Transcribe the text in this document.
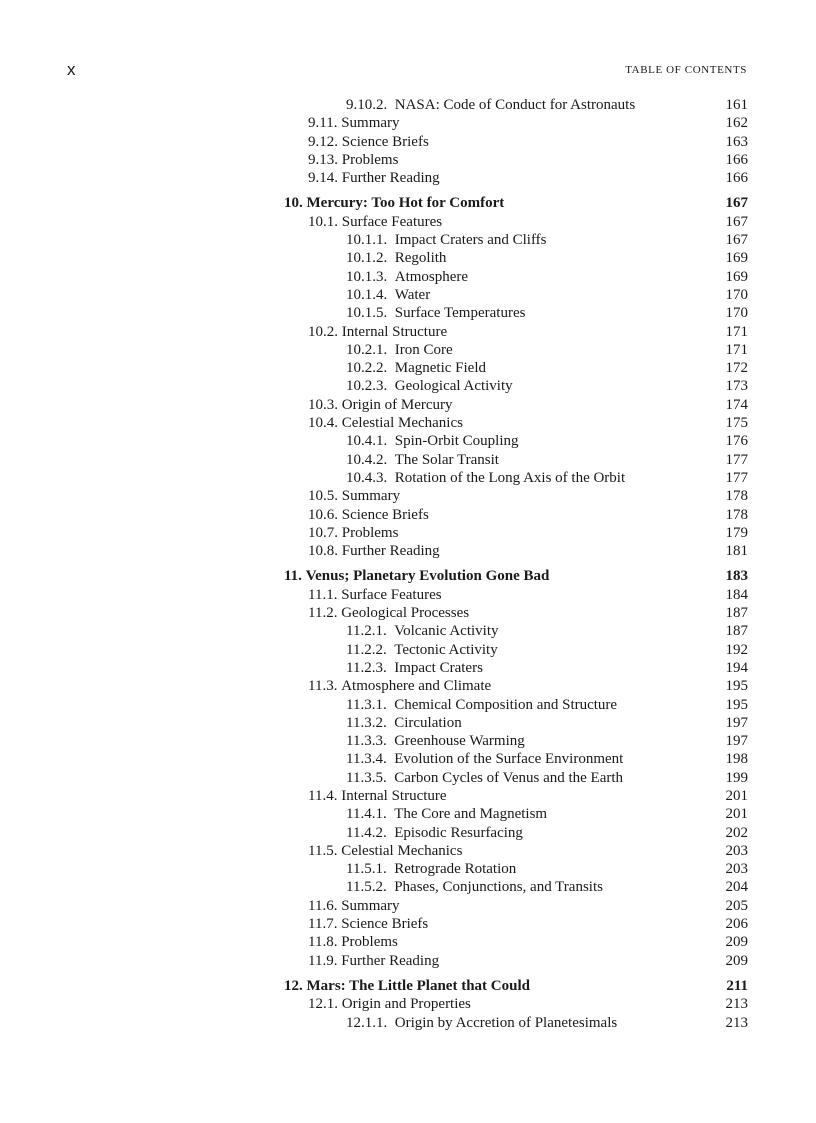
x	TABLE OF CONTENTS
9.10.2. NASA: Code of Conduct for Astronauts	161
9.11. Summary	162
9.12. Science Briefs	163
9.13. Problems	166
9.14. Further Reading	166
10. Mercury: Too Hot for Comfort	167
10.1. Surface Features	167
10.1.1. Impact Craters and Cliffs	167
10.1.2. Regolith	169
10.1.3. Atmosphere	169
10.1.4. Water	170
10.1.5. Surface Temperatures	170
10.2. Internal Structure	171
10.2.1. Iron Core	171
10.2.2. Magnetic Field	172
10.2.3. Geological Activity	173
10.3. Origin of Mercury	174
10.4. Celestial Mechanics	175
10.4.1. Spin-Orbit Coupling	176
10.4.2. The Solar Transit	177
10.4.3. Rotation of the Long Axis of the Orbit	177
10.5. Summary	178
10.6. Science Briefs	178
10.7. Problems	179
10.8. Further Reading	181
11. Venus; Planetary Evolution Gone Bad	183
11.1. Surface Features	184
11.2. Geological Processes	187
11.2.1. Volcanic Activity	187
11.2.2. Tectonic Activity	192
11.2.3. Impact Craters	194
11.3. Atmosphere and Climate	195
11.3.1. Chemical Composition and Structure	195
11.3.2. Circulation	197
11.3.3. Greenhouse Warming	197
11.3.4. Evolution of the Surface Environment	198
11.3.5. Carbon Cycles of Venus and the Earth	199
11.4. Internal Structure	201
11.4.1. The Core and Magnetism	201
11.4.2. Episodic Resurfacing	202
11.5. Celestial Mechanics	203
11.5.1. Retrograde Rotation	203
11.5.2. Phases, Conjunctions, and Transits	204
11.6. Summary	205
11.7. Science Briefs	206
11.8. Problems	209
11.9. Further Reading	209
12. Mars: The Little Planet that Could	211
12.1. Origin and Properties	213
12.1.1. Origin by Accretion of Planetesimals	213
